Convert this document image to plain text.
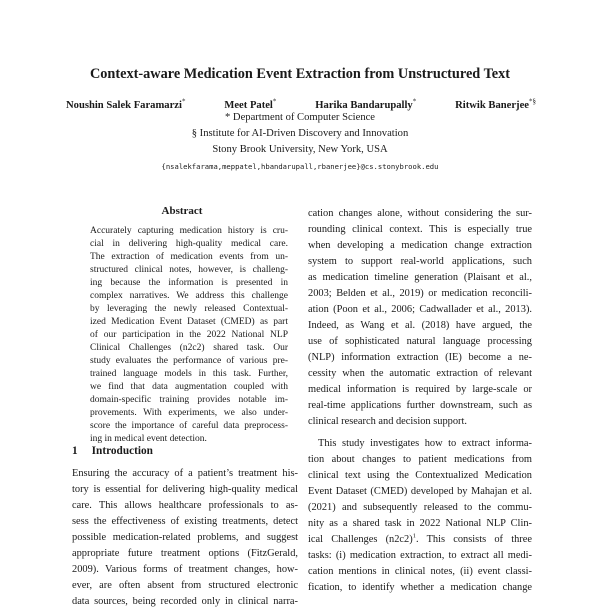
Context-aware Medication Event Extraction from Unstructured Text
Noushin Salek Faramarzi*	Meet Patel*	Harika Bandarupally*	Ritwik Banerjee*§
* Department of Computer Science
§ Institute for AI-Driven Discovery and Innovation
Stony Brook University, New York, USA
{nsalekfarama,meppatel,hbandarupall,rbanerjee}@cs.stonybrook.edu
Abstract

Accurately capturing medication history is cru-

cial in delivering high-quality medical care.

The extraction of medication events from un-

structured clinical notes, however, is challeng-

ing because the information is presented in

complex narratives. We address this challenge

by leveraging the newly released Contextual-

ized Medication Event Dataset (CMED) as part

of our participation in the 2022 National NLP

Clinical Challenges (n2c2) shared task. Our

study evaluates the performance of various pre-

trained language models in this task. Further,

we find that data augmentation coupled with

domain-specific training provides notable im-

provements. With experiments, we also under-

score the importance of careful data preprocess-

ing in medical event detection.

1 Introduction

Ensuring the accuracy of a patient’s treatment his-

tory is essential for delivering high-quality medical

care. This allows healthcare professionals to as-

sess the effectiveness of existing treatments, detect

possible medication-related problems, and suggest

appropriate future treatment options (FitzGerald,

2009). Various forms of treatment changes, how-

ever, are often absent from structured electronic

data sources, being recorded only in clinical narra-

cation changes alone, without considering the sur-

rounding clinical context. This is especially true

when developing a medication change extraction

system to support real-world applications, such

as medication timeline generation (Plaisant et al.,

2003; Belden et al., 2019) or medication reconcili-

ation (Poon et al., 2006; Cadwallader et al., 2013).

Indeed, as Wang et al. (2018) have argued, the

use of sophisticated natural language processing

(NLP) information extraction (IE) become a ne-

cessity when the automatic extraction of relevant

medical information is required by large-scale or

real-time applications further downstream, such as

clinical research and decision support.

This study investigates how to extract informa-

tion about changes to patient medications from

clinical text using the Contextualized Medication

Event Dataset (CMED) developed by Mahajan et al.

(2021) and subsequently released to the commu-

nity as a shared task in 2022 National NLP Clin-

ical Challenges (n2c2)$^1$. This consists of three

tasks: (i) medication extraction, to extract all medi-

cation mentions in clinical notes, (ii) event classi-

fication, to identify whether a medication change
